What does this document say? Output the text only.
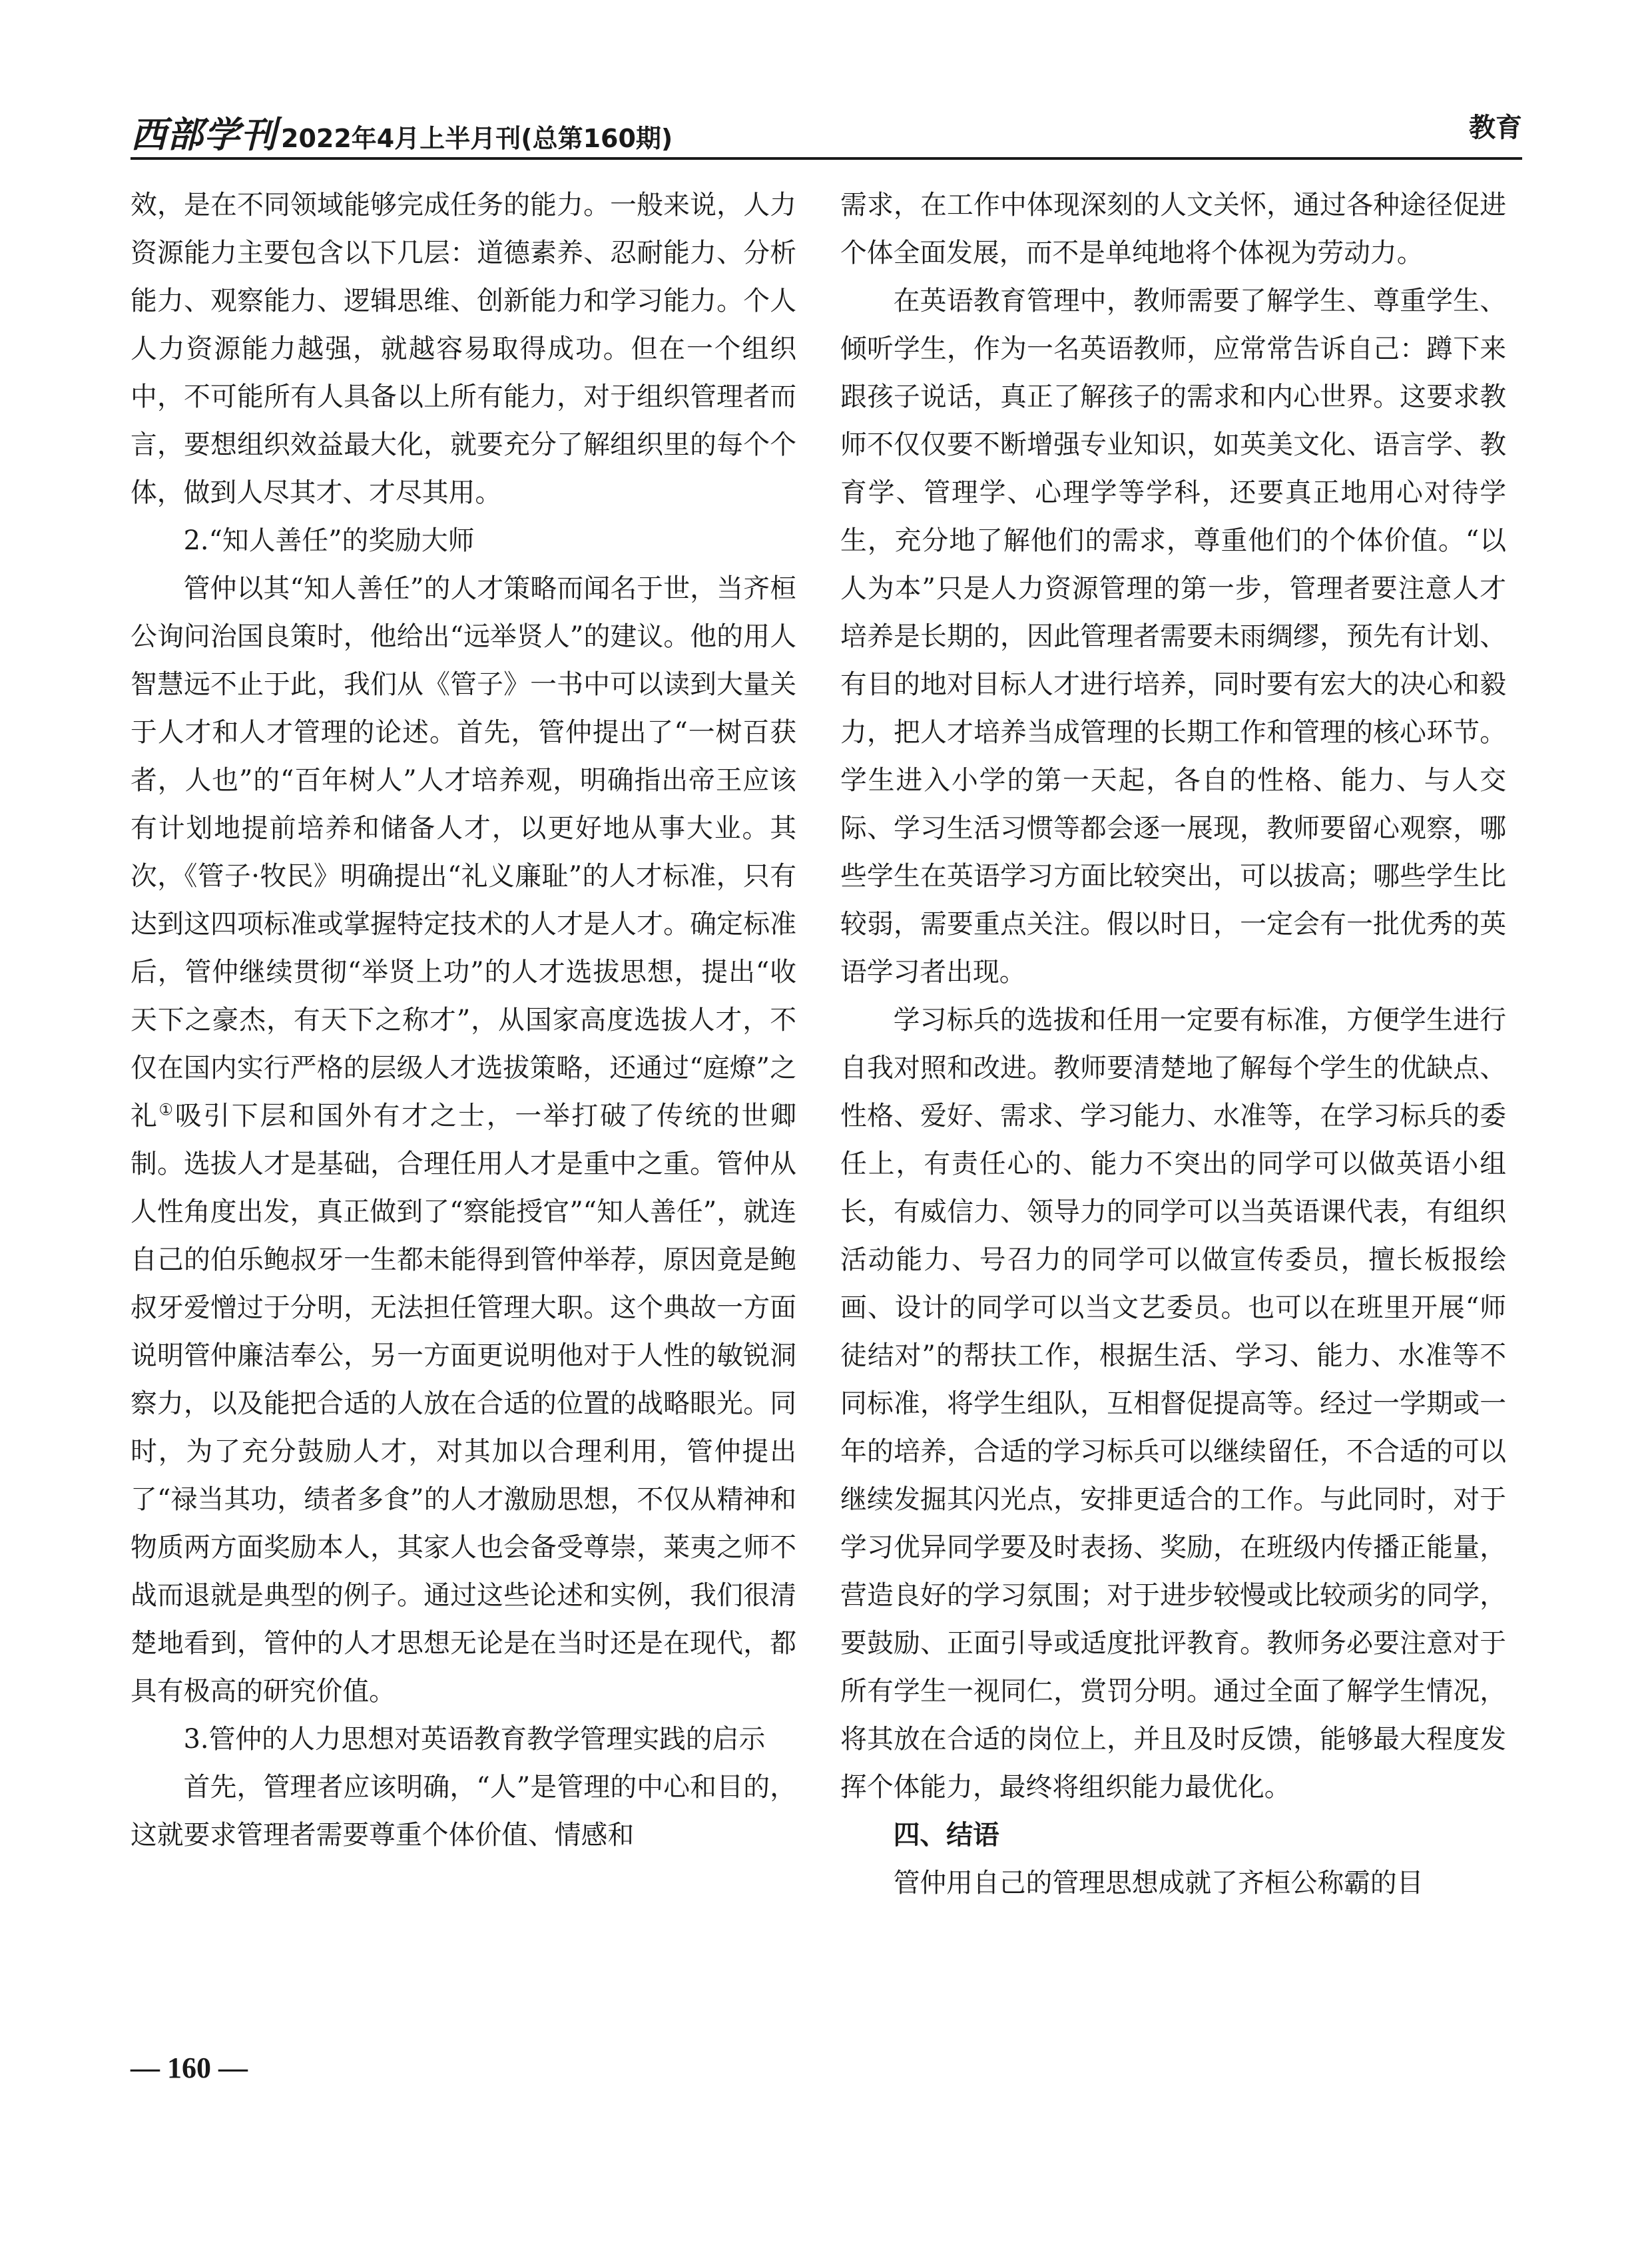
西部学刊 2022年4月上半月刊(总第160期)	教育

效，是在不同领域能够完成任务的能力。一般来说，人力资源能力主要包含以下几层：道德素养、忍耐能力、分析能力、观察能力、逻辑思维、创新能力和学习能力。个人人力资源能力越强，就越容易取得成功。但在一个组织中，不可能所有人具备以上所有能力，对于组织管理者而言，要想组织效益最大化，就要充分了解组织里的每个个体，做到人尽其才、才尽其用。

2.“知人善任”的奖励大师

管仲以其“知人善任”的人才策略而闻名于世，当齐桓公询问治国良策时，他给出“远举贤人”的建议。他的用人智慧远不止于此，我们从《管子》一书中可以读到大量关于人才和人才管理的论述。首先，管仲提出了“一树百获者，人也”的“百年树人”人才培养观，明确指出帝王应该有计划地提前培养和储备人才，以更好地从事大业。其次，《管子·牧民》明确提出“礼义廉耻”的人才标准，只有达到这四项标准或掌握特定技术的人才是人才。确定标准后，管仲继续贯彻“举贤上功”的人才选拔思想，提出“收天下之豪杰，有天下之称才”，从国家高度选拔人才，不仅在国内实行严格的层级人才选拔策略，还通过“庭燎”之礼①吸引下层和国外有才之士，一举打破了传统的世卿制。选拔人才是基础，合理任用人才是重中之重。管仲从人性角度出发，真正做到了“察能授官”“知人善任”，就连自己的伯乐鲍叔牙一生都未能得到管仲举荐，原因竟是鲍叔牙爱憎过于分明，无法担任管理大职。这个典故一方面说明管仲廉洁奉公，另一方面更说明他对于人性的敏锐洞察力，以及能把合适的人放在合适的位置的战略眼光。同时，为了充分鼓励人才，对其加以合理利用，管仲提出了“禄当其功，绩者多食”的人才激励思想，不仅从精神和物质两方面奖励本人，其家人也会备受尊崇，莱夷之师不战而退就是典型的例子。通过这些论述和实例，我们很清楚地看到，管仲的人才思想无论是在当时还是在现代，都具有极高的研究价值。

3.管仲的人力思想对英语教育教学管理实践的启示

首先，管理者应该明确，“人”是管理的中心和目的，这就要求管理者需要尊重个体价值、情感和

需求，在工作中体现深刻的人文关怀，通过各种途径促进个体全面发展，而不是单纯地将个体视为劳动力。

在英语教育管理中，教师需要了解学生、尊重学生、倾听学生，作为一名英语教师，应常常告诉自己：蹲下来跟孩子说话，真正了解孩子的需求和内心世界。这要求教师不仅仅要不断增强专业知识，如英美文化、语言学、教育学、管理学、心理学等学科，还要真正地用心对待学生，充分地了解他们的需求，尊重他们的个体价值。“以人为本”只是人力资源管理的第一步，管理者要注意人才培养是长期的，因此管理者需要未雨绸缪，预先有计划、有目的地对目标人才进行培养，同时要有宏大的决心和毅力，把人才培养当成管理的长期工作和管理的核心环节。学生进入小学的第一天起，各自的性格、能力、与人交际、学习生活习惯等都会逐一展现，教师要留心观察，哪些学生在英语学习方面比较突出，可以拔高；哪些学生比较弱，需要重点关注。假以时日，一定会有一批优秀的英语学习者出现。

学习标兵的选拔和任用一定要有标准，方便学生进行自我对照和改进。教师要清楚地了解每个学生的优缺点、性格、爱好、需求、学习能力、水准等，在学习标兵的委任上，有责任心的、能力不突出的同学可以做英语小组长，有威信力、领导力的同学可以当英语课代表，有组织活动能力、号召力的同学可以做宣传委员，擅长板报绘画、设计的同学可以当文艺委员。也可以在班里开展“师徒结对”的帮扶工作，根据生活、学习、能力、水准等不同标准，将学生组队，互相督促提高等。经过一学期或一年的培养，合适的学习标兵可以继续留任，不合适的可以继续发掘其闪光点，安排更适合的工作。与此同时，对于学习优异同学要及时表扬、奖励，在班级内传播正能量，营造良好的学习氛围；对于进步较慢或比较顽劣的同学，要鼓励、正面引导或适度批评教育。教师务必要注意对于所有学生一视同仁，赏罚分明。通过全面了解学生情况，将其放在合适的岗位上，并且及时反馈，能够最大程度发挥个体能力，最终将组织能力最优化。

四、结语

管仲用自己的管理思想成就了齐桓公称霸的目

— 160 —
